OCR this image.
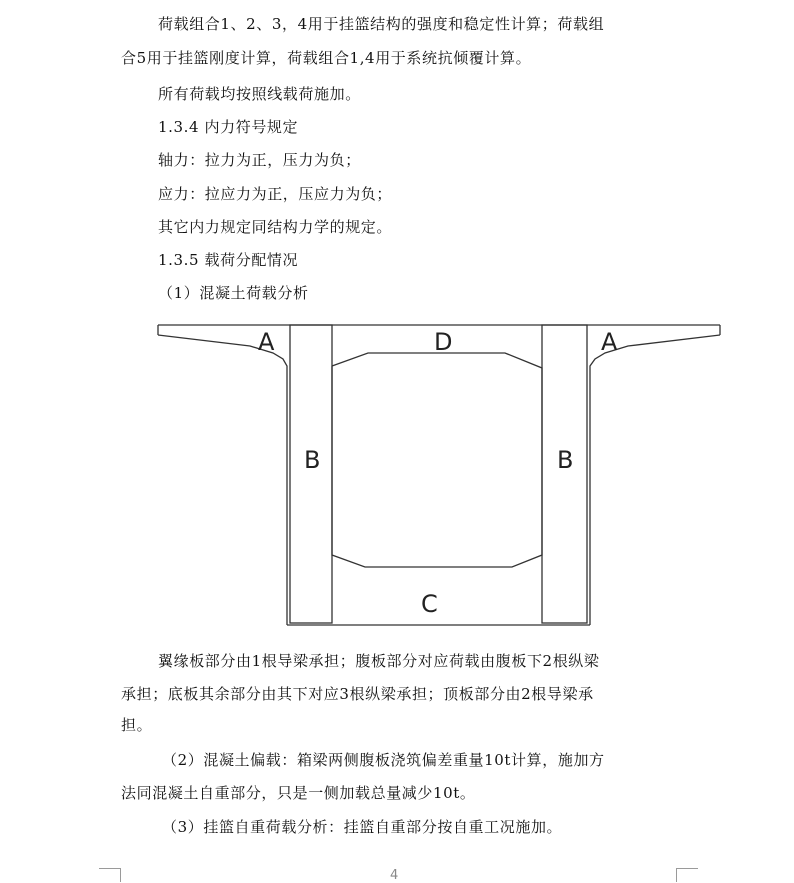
荷载组合1、2、3，4用于挂篮结构的强度和稳定性计算；荷载组
合5用于挂篮刚度计算，荷载组合1,4用于系统抗倾覆计算。
所有荷载均按照线载荷施加。
1.3.4 内力符号规定
轴力：拉力为正，压力为负；
应力：拉应力为正，压应力为负；
其它内力规定同结构力学的规定。
1.3.5 载荷分配情况
（1）混凝土荷载分析
A	A
D
B	B
C
翼缘板部分由1根导梁承担；腹板部分对应荷载由腹板下2根纵梁
承担；底板其余部分由其下对应3根纵梁承担；顶板部分由2根导梁承
担。
（2）混凝土偏载：箱梁两侧腹板浇筑偏差重量10t计算，施加方
法同混凝土自重部分，只是一侧加载总量减少10t。
（3）挂篮自重荷载分析：挂篮自重部分按自重工况施加。
4
